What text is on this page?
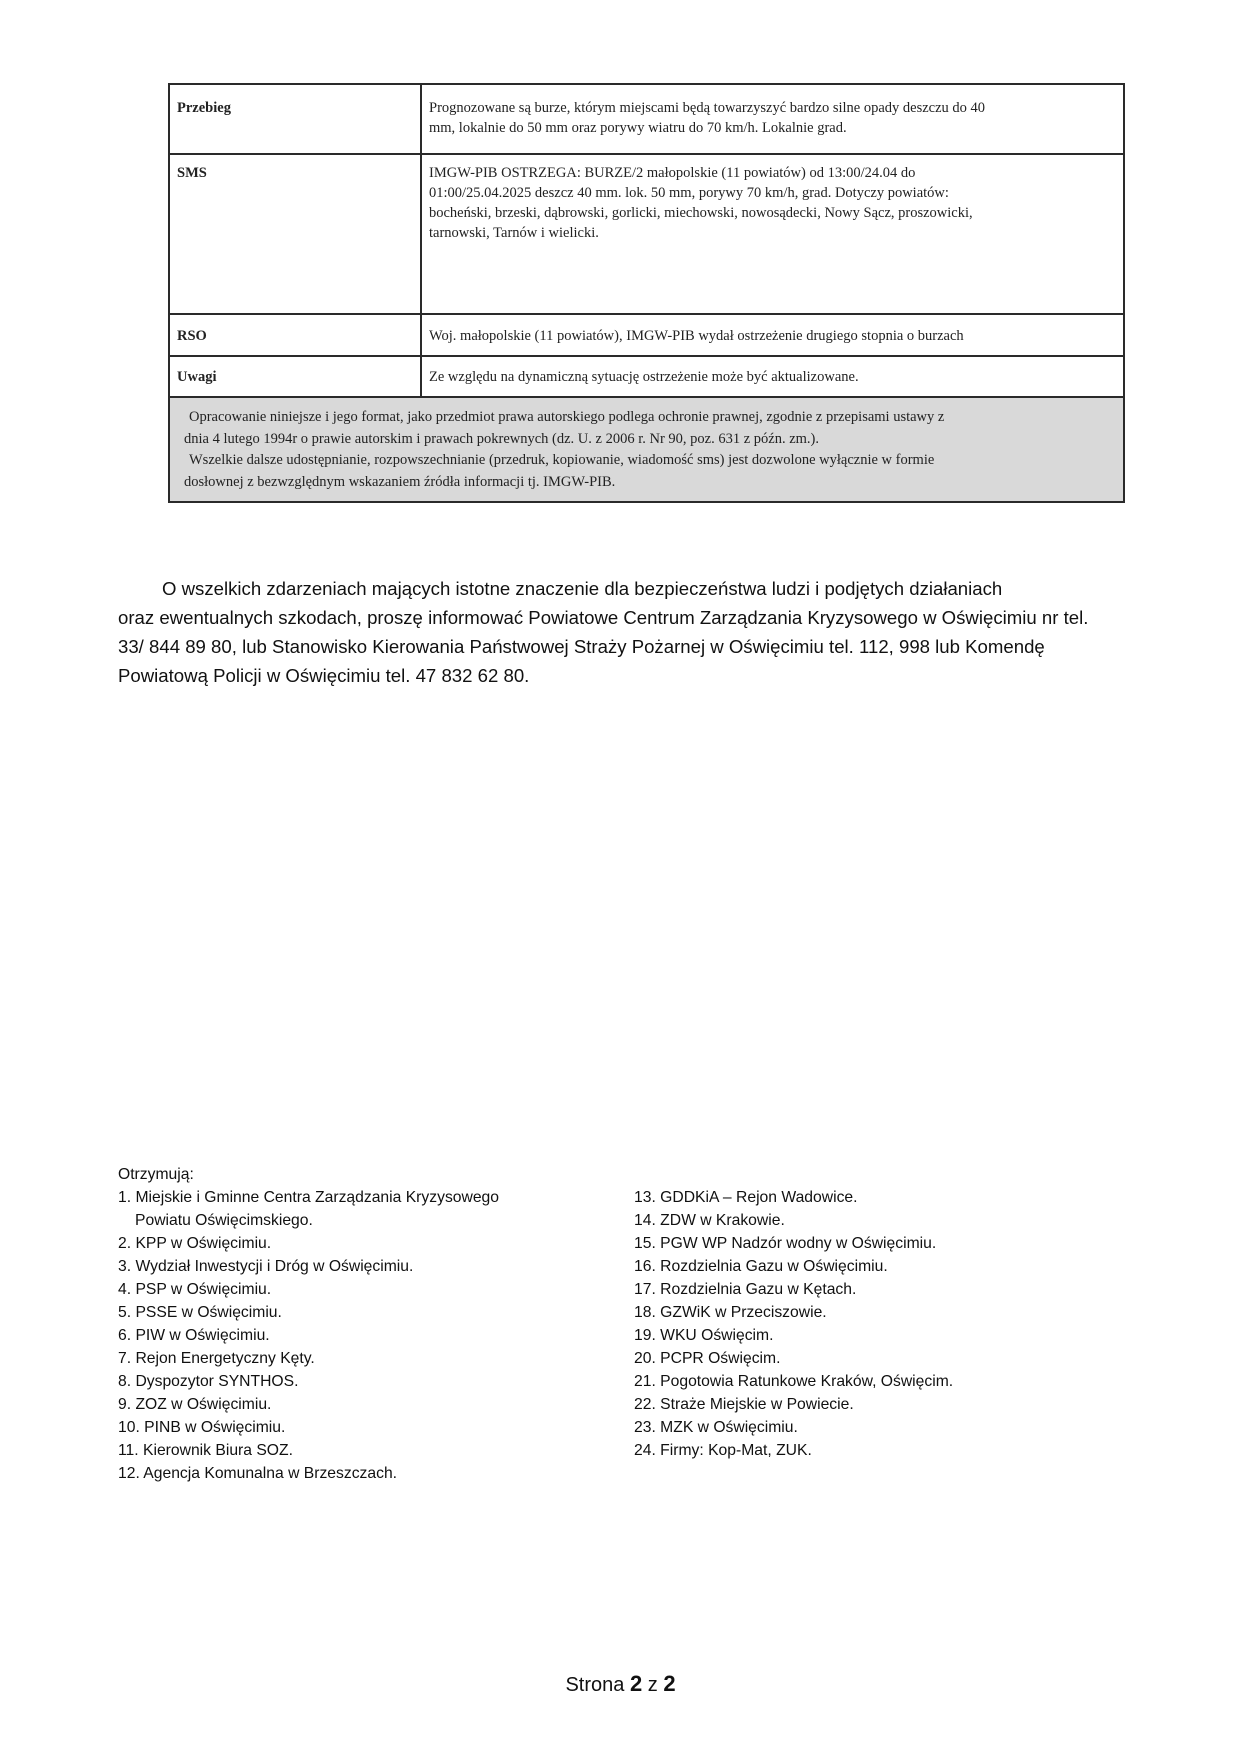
Przebieg	Prognozowane są burze, którym miejscami będą towarzyszyć bardzo silne opady deszczu do 40
mm, lokalnie do 50 mm oraz porywy wiatru do 70 km/h. Lokalnie grad.

SMS	IMGW-PIB OSTRZEGA: BURZE/2 małopolskie (11 powiatów) od 13:00/24.04 do
01:00/25.04.2025 deszcz 40 mm. lok. 50 mm, porywy 70 km/h, grad. Dotyczy powiatów:
bocheński, brzeski, dąbrowski, gorlicki, miechowski, nowosądecki, Nowy Sącz, proszowicki,
tarnowski, Tarnów i wielicki.

RSO	Woj. małopolskie (11 powiatów), IMGW-PIB wydał ostrzeżenie drugiego stopnia o burzach

Uwagi	Ze względu na dynamiczną sytuację ostrzeżenie może być aktualizowane.

Opracowanie niniejsze i jego format, jako przedmiot prawa autorskiego podlega ochronie prawnej, zgodnie z przepisami ustawy z
dnia 4 lutego 1994r o prawie autorskim i prawach pokrewnych (dz. U. z 2006 r. Nr 90, poz. 631 z późn. zm.).
Wszelkie dalsze udostępnianie, rozpowszechnianie (przedruk, kopiowanie, wiadomość sms) jest dozwolone wyłącznie w formie
dosłownej z bezwzględnym wskazaniem źródła informacji tj. IMGW-PIB.	
O wszelkich zdarzeniach mających istotne znaczenie dla bezpieczeństwa ludzi i podjętych działaniach
oraz ewentualnych szkodach, proszę informować Powiatowe Centrum Zarządzania Kryzysowego w Oświęcimiu nr tel.
33/ 844 89 80, lub Stanowisko Kierowania Państwowej Straży Pożarnej w Oświęcimiu tel. 112, 998 lub Komendę
Powiatową Policji w Oświęcimiu tel. 47 832 62 80.
Otrzymują:
1. Miejskie i Gminne Centra Zarządzania Kryzysowego
Powiatu Oświęcimskiego.
2. KPP w Oświęcimiu.
3. Wydział Inwestycji i Dróg w Oświęcimiu.
4. PSP w Oświęcimiu.
5. PSSE w Oświęcimiu.
6. PIW w Oświęcimiu.
7. Rejon Energetyczny Kęty.
8. Dyspozytor SYNTHOS.
9. ZOZ w Oświęcimiu.
10. PINB w Oświęcimiu.
11. Kierownik Biura SOZ.
12. Agencja Komunalna w Brzeszczach.
13. GDDKiA – Rejon Wadowice.
14. ZDW w Krakowie.
15. PGW WP Nadzór wodny w Oświęcimiu.
16. Rozdzielnia Gazu w Oświęcimiu.
17. Rozdzielnia Gazu w Kętach.
18. GZWiK w Przeciszowie.
19. WKU Oświęcim.
20. PCPR Oświęcim.
21. Pogotowia Ratunkowe Kraków, Oświęcim.
22. Straże Miejskie w Powiecie.
23. MZK w Oświęcimiu.
24. Firmy: Kop-Mat, ZUK.
Strona 2 z 2
